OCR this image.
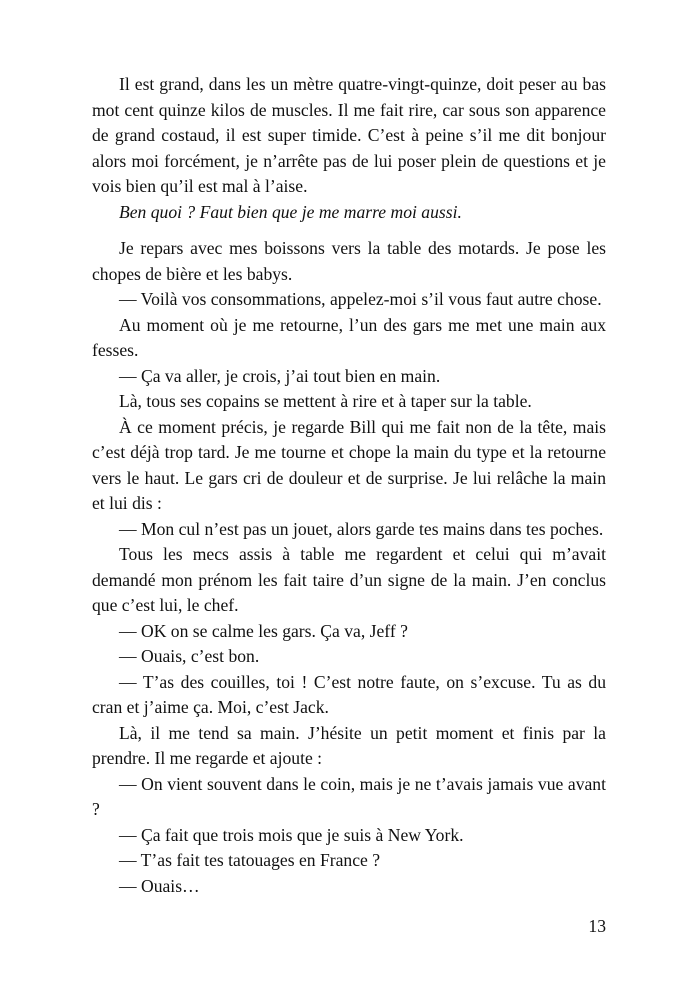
Il est grand, dans les un mètre quatre-vingt-quinze, doit peser au bas mot cent quinze kilos de muscles. Il me fait rire, car sous son apparence de grand costaud, il est super timide. C’est à peine s’il me dit bonjour alors moi forcément, je n’arrête pas de lui poser plein de questions et je vois bien qu’il est mal à l’aise.

Ben quoi ? Faut bien que je me marre moi aussi.

Je repars avec mes boissons vers la table des motards. Je pose les chopes de bière et les babys.

— Voilà vos consommations, appelez-moi s’il vous faut autre chose.

Au moment où je me retourne, l’un des gars me met une main aux fesses.

— Ça va aller, je crois, j’ai tout bien en main.

Là, tous ses copains se mettent à rire et à taper sur la table.

À ce moment précis, je regarde Bill qui me fait non de la tête, mais c’est déjà trop tard. Je me tourne et chope la main du type et la retourne vers le haut. Le gars cri de douleur et de surprise. Je lui relâche la main et lui dis :

— Mon cul n’est pas un jouet, alors garde tes mains dans tes poches.

Tous les mecs assis à table me regardent et celui qui m’avait demandé mon prénom les fait taire d’un signe de la main. J’en conclus que c’est lui, le chef.

— OK on se calme les gars. Ça va, Jeff ?

— Ouais, c’est bon.

— T’as des couilles, toi ! C’est notre faute, on s’excuse. Tu as du cran et j’aime ça. Moi, c’est Jack.

Là, il me tend sa main. J’hésite un petit moment et finis par la prendre. Il me regarde et ajoute :

— On vient souvent dans le coin, mais je ne t’avais jamais vue avant ?

— Ça fait que trois mois que je suis à New York.

— T’as fait tes tatouages en France ?

— Ouais…

13
